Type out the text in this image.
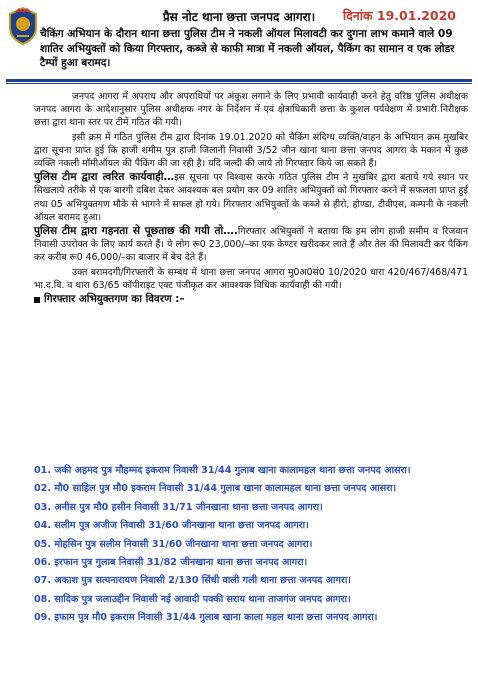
दिनांक 19.01.2020
प्रैस नोट थाना छत्ता जनपद आगरा।
चैकिंग अभियान के दौरान थाना छत्ता पुलिस टीम ने नकली ऑयल मिलावटी कर दुगना लाभ कमाने वाले 09 शातिर अभियुक्तों को किया गिरफ्तार, कब्जे से काफी मात्रा में नकली ऑयल, पैकिंग का सामान व एक लोडर टैम्पों हुआ बरामद।

जनपद आगरा में अपराध और अपराधियों पर अंकुश लगाने के लिए प्रभावी कार्यवाही करने हेतु वरिष्ठ पुलिस अधीक्षक जनपद आगरा के आदेशानुसार पुलिस अधीक्षक नगर के निर्देशन में एवं क्षेत्राधिकारी छत्ता के कुशल पर्यवेक्षण में प्रभारी निरीक्षक छत्ता द्वारा थाना स्तर पर टीमें गठित की गयी।

इसी क्रम में गठित पुलिस टीम द्वारा दिनांक 19.01.2020 को चैकिंग संदिग्ध व्यक्ति/वाहन के अभियान क्रम मुखबिर द्वारा सूचना प्राप्त हुई कि हाजी शमीम पुत्र हाजी जिलानी निवासी 3/52 जीन खाना थाना छत्ता जनपद आगरा के मकान में कुछ व्यक्ति नकली मॉमीऑयल की पैकिंग की जा रही है। यदि जल्दी की जाये तो गिरफ्तार किये जा सकते हैं।

पुलिस टीम द्वारा त्वरित कार्यवाही…इस सूचना पर विश्वास करके गठित पुलिस टीम ने मुखबिर द्वारा बताये गये स्थान पर सिखलाये तरीके से एक बारगी दबिश देकर आवश्यक बल प्रयोग कर 09 शातिर अभियुक्तों को गिरफ्तार करने में सफलता प्राप्त हुई तथा 05 अभियुक्तगण मौके से भागने में सफल हो गये। गिरफ्तार अभियुक्तों के कब्जे से हीरो, होण्डा, टीवीएस, कम्पनी के नकली ऑयल बरामद हुआ।

पुलिस टीम द्वारा गहनता से पूछताछ की गयी तो….गिरफ्तार अभियुक्तों ने बताया कि हम लोग हाजी समीम व रिजवान निवासी उपरोक्त के लिए कार्य करते हैं। ये लोग रू0 23,000/–का एक केण्टर खरीदकर लाते हैं और तेल की मिलावटी कर पैकिंग कर करीब रू0 46,000/–का बाजार में बेच देते हैं।

उक्त बरामदगी/गिरफ्तारी के सम्बंध में थाना छत्ता जनपद आगरा मु0अ0सं0 10/2020 धारा 420/467/468/471 भा.द.वि. व धारा 63/65 कॉपीराइट एक्ट पंजीकृत कर आवश्यक विधिक कार्यवाही की गयी।

गिरफ्तार अभियुक्तगण का विवरण :–
01. जकी अहमद पुत्र मौहम्मद इकराम निवासी 31/44 गुलाब खाना कालामहल थाना छत्ता जनपद आसरा।
02. मौ0 साहिल पुत्र मौ0 इकराम निवासी 31/44 गुलाब खाना कालामहल थाना छत्ता जनपद आसरा।
03. अनीस पुत्र मौ0 हसीन निवासी 31/71 जीनखाना थाना छत्ता जनपद आगरा।
04. सलीम पुत्र अजीज निवासी 31/60 जीनखाना थाना छत्ता जनपद आगरा।
05. मोहसिन पुत्र सलीम निवासी 31/60 जीनखाना थाना छत्ता जनपद आगरा।
06. इरफान पुत्र गुलाब निवासी 31/82 जीनखाना थाना छत्ता जनपद आगरा।
07. अकाश पुत्र सत्यनारायण निवासी 2/130 सिंधी वाली गली थाना छत्ता जनपद आगरा।
08. सादिक पुत्र जलाउद्दीन निवासी नई आवादी पक्की सराय थाना ताजगंज जनपद आगरा।
09. इफाम पुत्र मौ0 इकराम निवासी 31/44 गुलाब खाना काला महल थाना छत्ता जनपद आगरा।
